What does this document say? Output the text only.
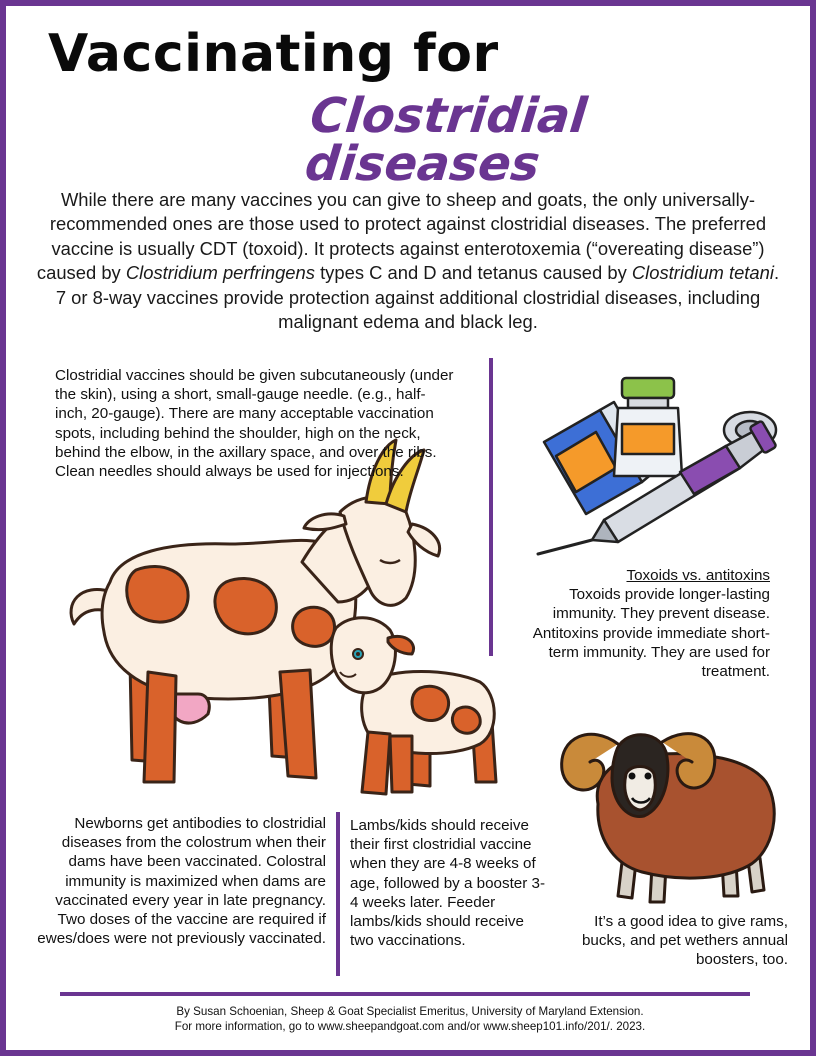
Vaccinating for
Clostridial diseases

While there are many vaccines you can give to sheep and goats, the only universally-recommended ones are those used to protect against clostridial diseases. The preferred vaccine is usually CDT (toxoid). It protects against enterotoxemia (“overeating disease”) caused by Clostridium perfringens types C and D and tetanus caused by Clostridium tetani. 7 or 8-way vaccines provide protection against additional clostridial diseases, including malignant edema and black leg.

Clostridial vaccines should be given subcutaneously (under the skin), using a short, small-gauge needle. (e.g., half-inch, 20-gauge). There are many acceptable vaccination spots, including behind the shoulder, high on the neck, behind the elbow, in the axillary space, and over the ribs. Clean needles should always be used for injections.

Toxoids vs. antitoxins
Toxoids provide longer-lasting immunity. They prevent disease. Antitoxins provide immediate short-term immunity. They are used for treatment.

It’s a good idea to give rams, bucks, and pet wethers annual boosters, too.

Newborns get antibodies to clostridial diseases from the colostrum when their dams have been vaccinated. Colostral immunity is maximized when dams are vaccinated every year in late pregnancy. Two doses of the vaccine are required if ewes/does were not previously vaccinated.

Lambs/kids should receive their first clostridial vaccine when they are 4-8 weeks of age, followed by a booster 3-4 weeks later. Feeder lambs/kids should receive two vaccinations.

By Susan Schoenian, Sheep & Goat Specialist Emeritus, University of Maryland Extension.
For more information, go to www.sheepandgoat.com and/or www.sheep101.info/201/. 2023.
